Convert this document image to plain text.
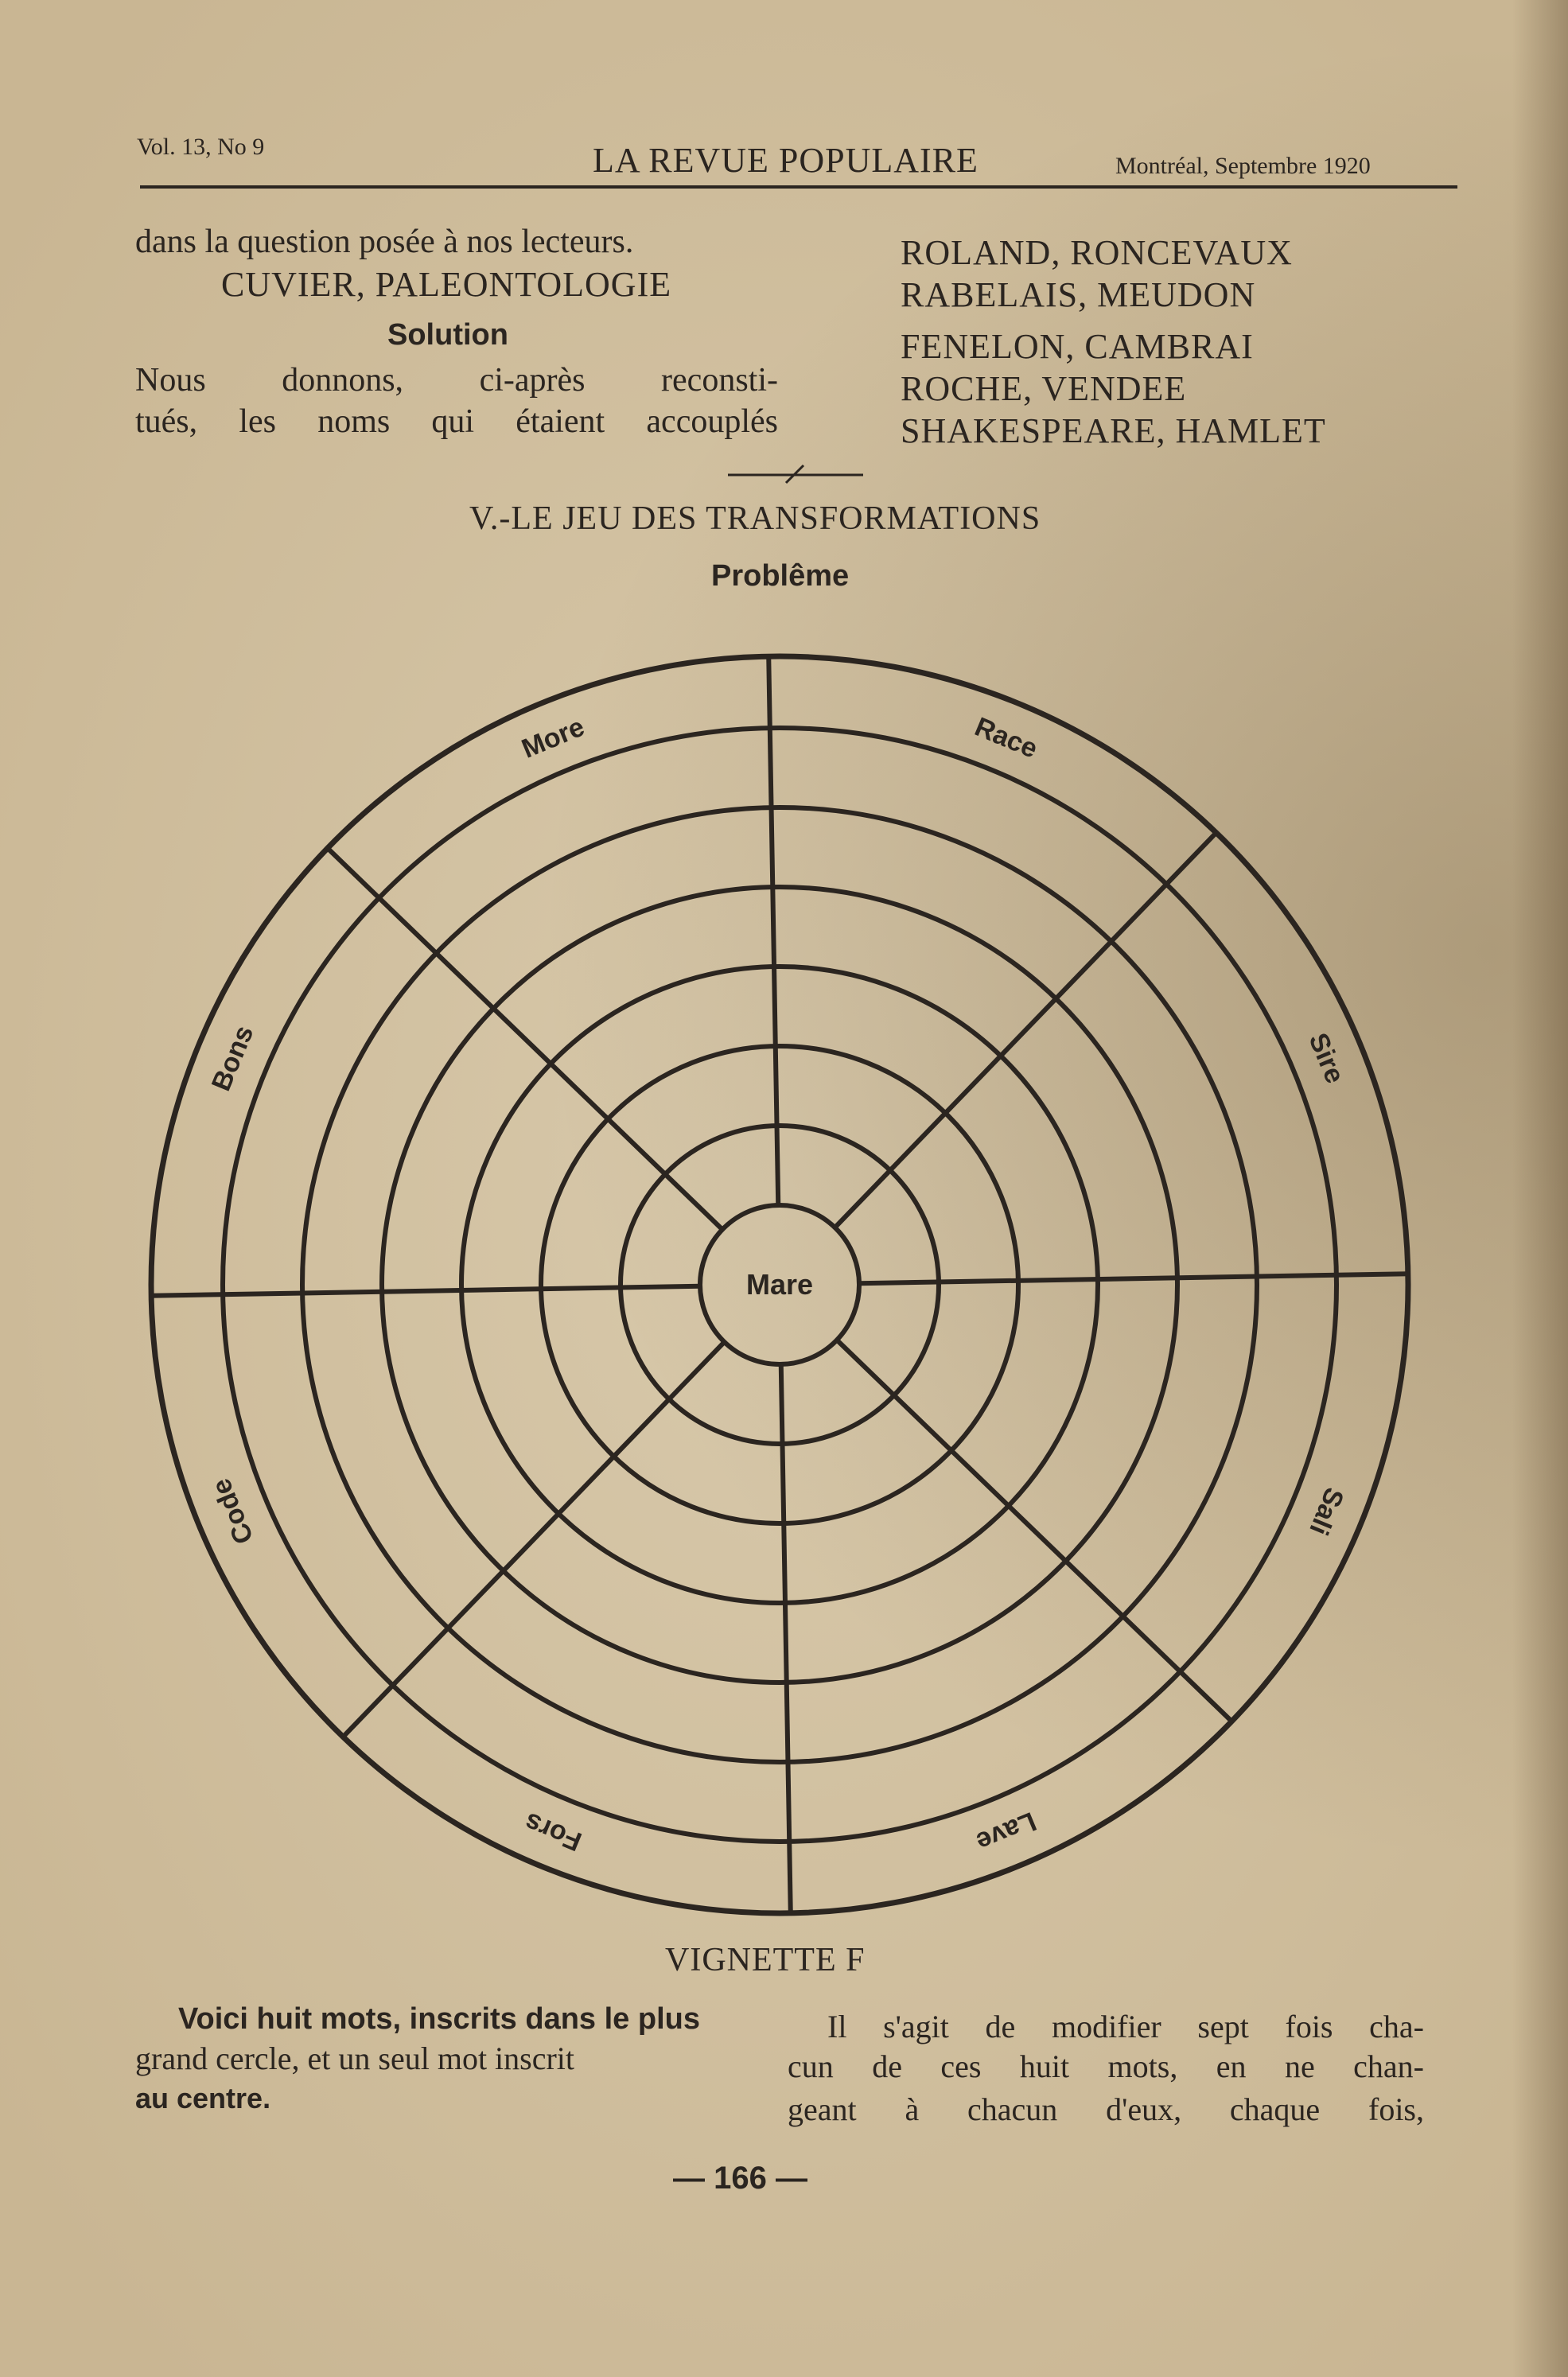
Vol. 13, No 9	LA REVUE POPULAIRE	Montréal, Septembre 1920
dans la question posée à nos lecteurs.
CUVIER, PALEONTOLOGIE
Solution
Nous donnons, ci-après reconsti-
tués, les noms qui étaient accouplés
ROLAND, RONCEVAUX
RABELAIS, MEUDON
FENELON, CAMBRAI
ROCHE, VENDEE
SHAKESPEARE, HAMLET
V.-LE JEU DES TRANSFORMATIONS
Problême
Mare
Race
Sire
Sali
Lave
Fors
Code
Bons
More
VIGNETTE F
Voici huit mots, inscrits dans le plus
grand cercle, et un seul mot inscrit
au centre.
Il s'agit de modifier sept fois cha-
cun de ces huit mots, en ne chan-
geant à chacun d'eux, chaque fois,
— 166 —
